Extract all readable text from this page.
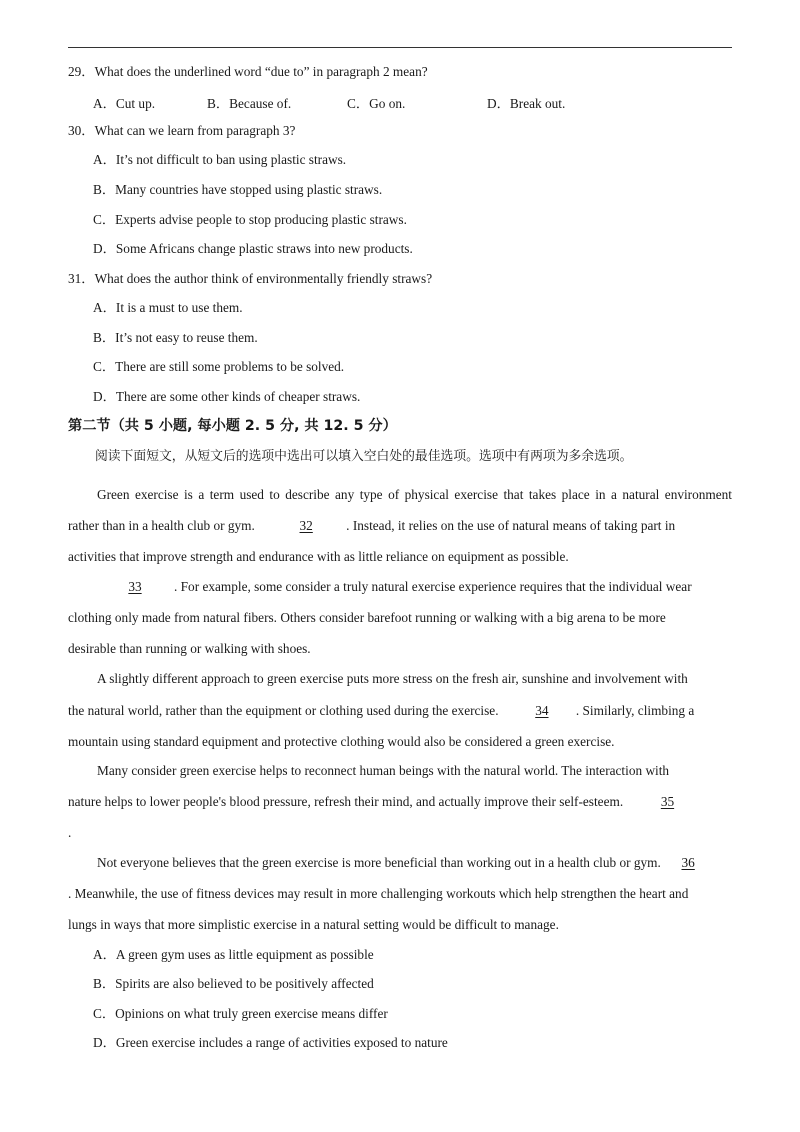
29．What does the underlined word “due to” in paragraph 2 mean?
A．Cut up.	B．Because of.	C．Go on.	D．Break out.
30．What can we learn from paragraph 3?
A．It’s not difficult to ban using plastic straws.
B．Many countries have stopped using plastic straws.
C．Experts advise people to stop producing plastic straws.
D．Some Africans change plastic straws into new products.
31．What does the author think of environmentally friendly straws?
A．It is a must to use them.
B．It’s not easy to reuse them.
C．There are still some problems to be solved.
D．There are some other kinds of cheaper straws.
第二节（共 5 小题, 每小题 2. 5 分, 共 12. 5 分）
阅读下面短文，从短文后的选项中选出可以填入空白处的最佳选项。选项中有两项为多余选项。
Green exercise is a term used to describe any type of physical exercise that takes place in a natural environment
rather than in a health club or gym.	32	. Instead, it relies on the use of natural means of taking part in
activities that improve strength and endurance with as little reliance on equipment as possible.
33 . For example, some consider a truly natural exercise experience requires that the individual wear
clothing only made from natural fibers. Others consider barefoot running or walking with a big arena to be more
desirable than running or walking with shoes.
A slightly different approach to green exercise puts more stress on the fresh air, sunshine and involvement with
the natural world, rather than the equipment or clothing used during the exercise.	34 . Similarly, climbing a
mountain using standard equipment and protective clothing would also be considered a green exercise.
Many consider green exercise helps to reconnect human beings with the natural world. The interaction with
nature helps to lower people's blood pressure, refresh their mind, and actually improve their self-esteem.	35
.
Not everyone believes that the green exercise is more beneficial than working out in a health club or gym. 36
. Meanwhile, the use of fitness devices may result in more challenging workouts which help strengthen the heart and
lungs in ways that more simplistic exercise in a natural setting would be difficult to manage.
A．A green gym uses as little equipment as possible
B．Spirits are also believed to be positively affected
C．Opinions on what truly green exercise means differ
D．Green exercise includes a range of activities exposed to nature
